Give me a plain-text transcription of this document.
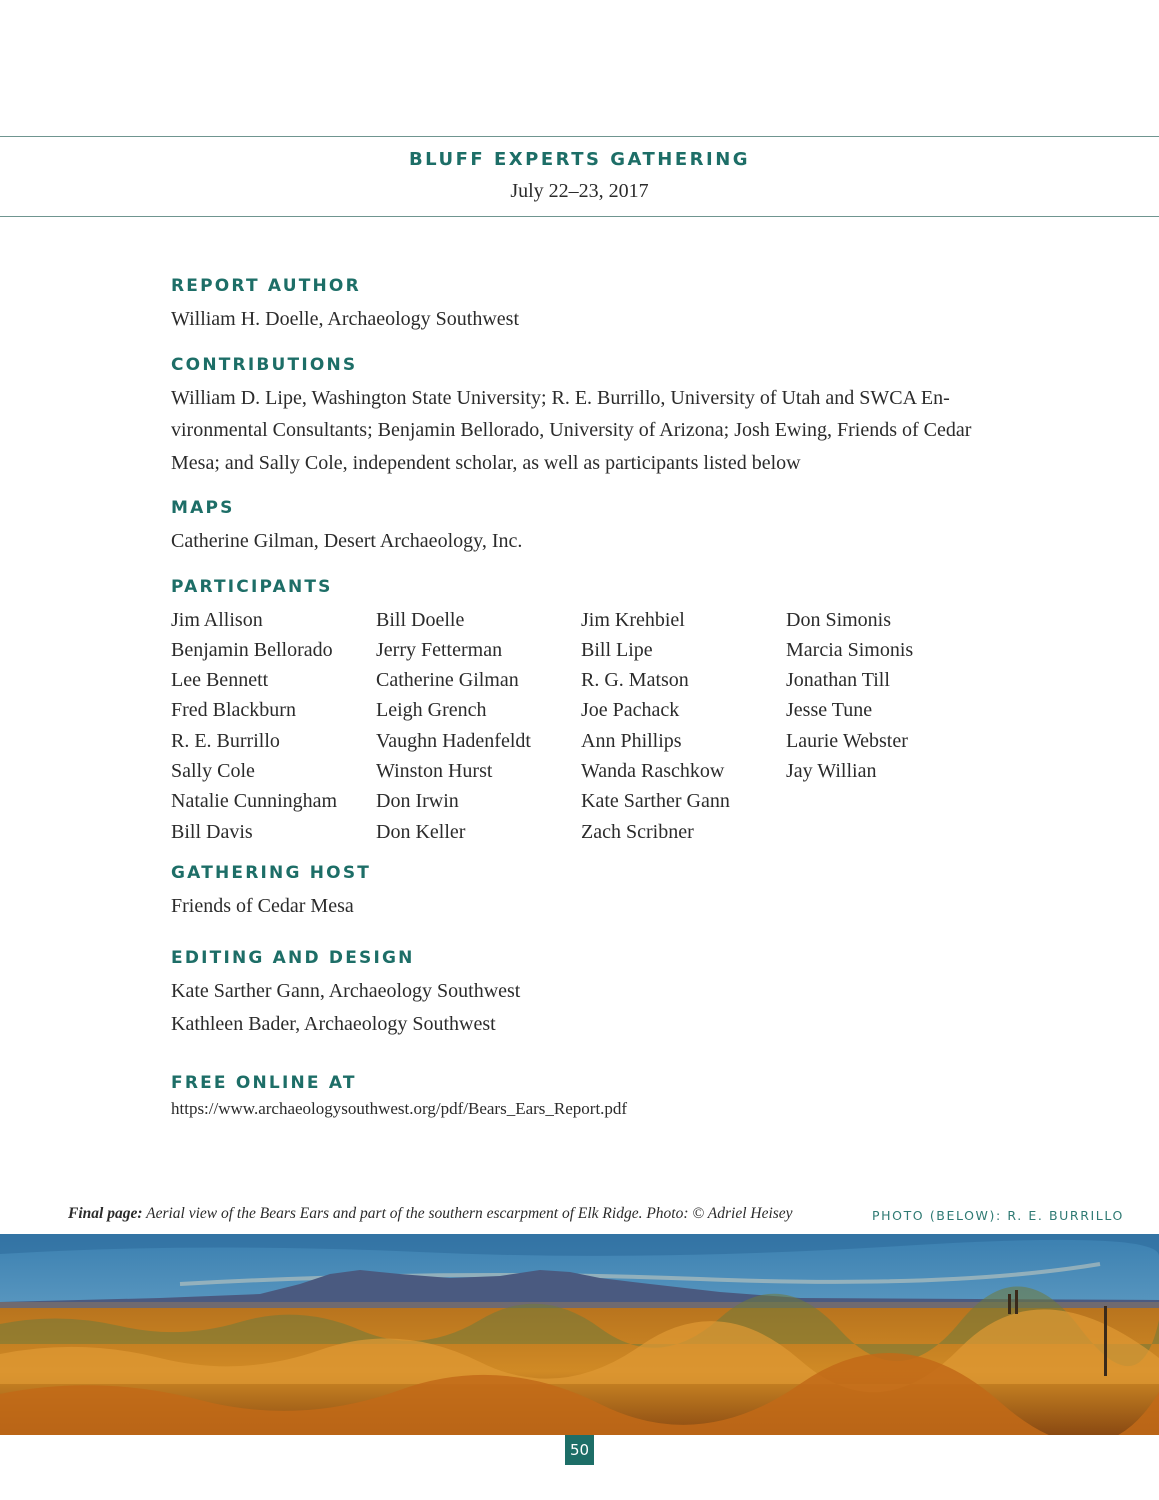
BLUFF EXPERTS GATHERING
July 22–23, 2017
REPORT AUTHOR

William H. Doelle, Archaeology Southwest

CONTRIBUTIONS

William D. Lipe, Washington State University; R. E. Burrillo, University of Utah and SWCA En-

vironmental Consultants; Benjamin Bellorado, University of Arizona; Josh Ewing, Friends of Cedar

Mesa; and Sally Cole, independent scholar, as well as participants listed below

MAPS

Catherine Gilman, Desert Archaeology, Inc.

PARTICIPANTS
Jim Allison
Benjamin Bellorado
Lee Bennett
Fred Blackburn
R. E. Burrillo
Sally Cole
Natalie Cunningham
Bill Davis
Bill Doelle
Jerry Fetterman
Catherine Gilman
Leigh Grench
Vaughn Hadenfeldt
Winston Hurst
Don Irwin
Don Keller
Jim Krehbiel
Bill Lipe
R. G. Matson
Joe Pachack
Ann Phillips
Wanda Raschkow
Kate Sarther Gann
Zach Scribner
Don Simonis
Marcia Simonis
Jonathan Till
Jesse Tune
Laurie Webster
Jay Willian
GATHERING HOST

Friends of Cedar Mesa

EDITING AND DESIGN

Kate Sarther Gann, Archaeology Southwest

Kathleen Bader, Archaeology Southwest

FREE ONLINE AT

https://www.archaeologysouthwest.org/pdf/Bears_Ears_Report.pdf

Final page: Aerial view of the Bears Ears and part of the southern escarpment of Elk Ridge. Photo: © Adriel Heisey	PHOTO (BELOW): R. E. BURRILLO
50
